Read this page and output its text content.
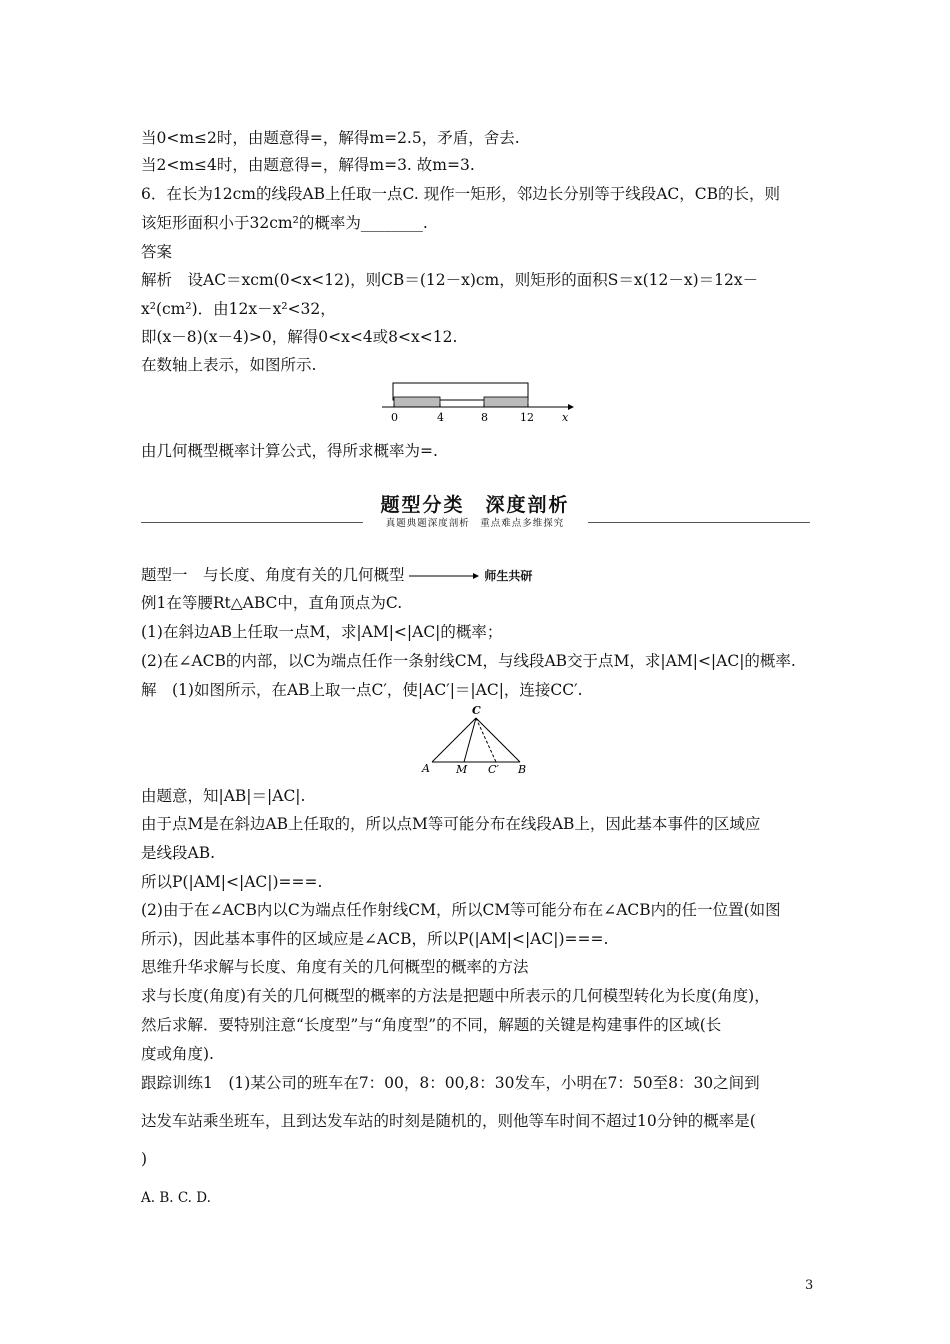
当0<m≤2时，由题意得=，解得m=2.5，矛盾，舍去.
当2<m≤4时，由题意得=，解得m=3. 故m=3.
6．在长为12cm的线段AB上任取一点C. 现作一矩形，邻边长分别等于线段AC，CB的长，则
该矩形面积小于32cm²的概率为________.
答案
解析　设AC＝xcm(0<x<12)，则CB＝(12－x)cm，则矩形的面积S＝x(12－x)＝12x－
x²(cm²)．由12x－x²<32，
即(x－8)(x－4)>0，解得0<x<4或8<x<12.
在数轴上表示，如图所示.
0	4	8	12	x
由几何概型概率计算公式，得所求概率为=.
题型分类　深度剖析
真题典题深度剖析　重点难点多维探究
题型一　与长度、角度有关的几何概型	师生共研
例1在等腰Rt△ABC中，直角顶点为C.
(1)在斜边AB上任取一点M，求|AM|<|AC|的概率；
(2)在∠ACB的内部，以C为端点任作一条射线CM，与线段AB交于点M，求|AM|<|AC|的概率.
解　(1)如图所示，在AB上取一点C′，使|AC′|＝|AC|，连接CC′.
C
A M C′ B
由题意，知|AB|＝|AC|.
由于点M是在斜边AB上任取的，所以点M等可能分布在线段AB上，因此基本事件的区域应
是线段AB.
所以P(|AM|<|AC|)===.
(2)由于在∠ACB内以C为端点任作射线CM，所以CM等可能分布在∠ACB内的任一位置(如图
所示)，因此基本事件的区域应是∠ACB，所以P(|AM|<|AC|)===.
思维升华求解与长度、角度有关的几何概型的概率的方法
求与长度(角度)有关的几何概型的概率的方法是把题中所表示的几何模型转化为长度(角度)，
然后求解．要特别注意“长度型”与“角度型”的不同，解题的关键是构建事件的区域(长
度或角度).
跟踪训练1　(1)某公司的班车在7：00，8：00,8：30发车，小明在7：50至8：30之间到
达发车站乘坐班车，且到达发车站的时刻是随机的，则他等车时间不超过10分钟的概率是(
)
A. B. C. D.
3
